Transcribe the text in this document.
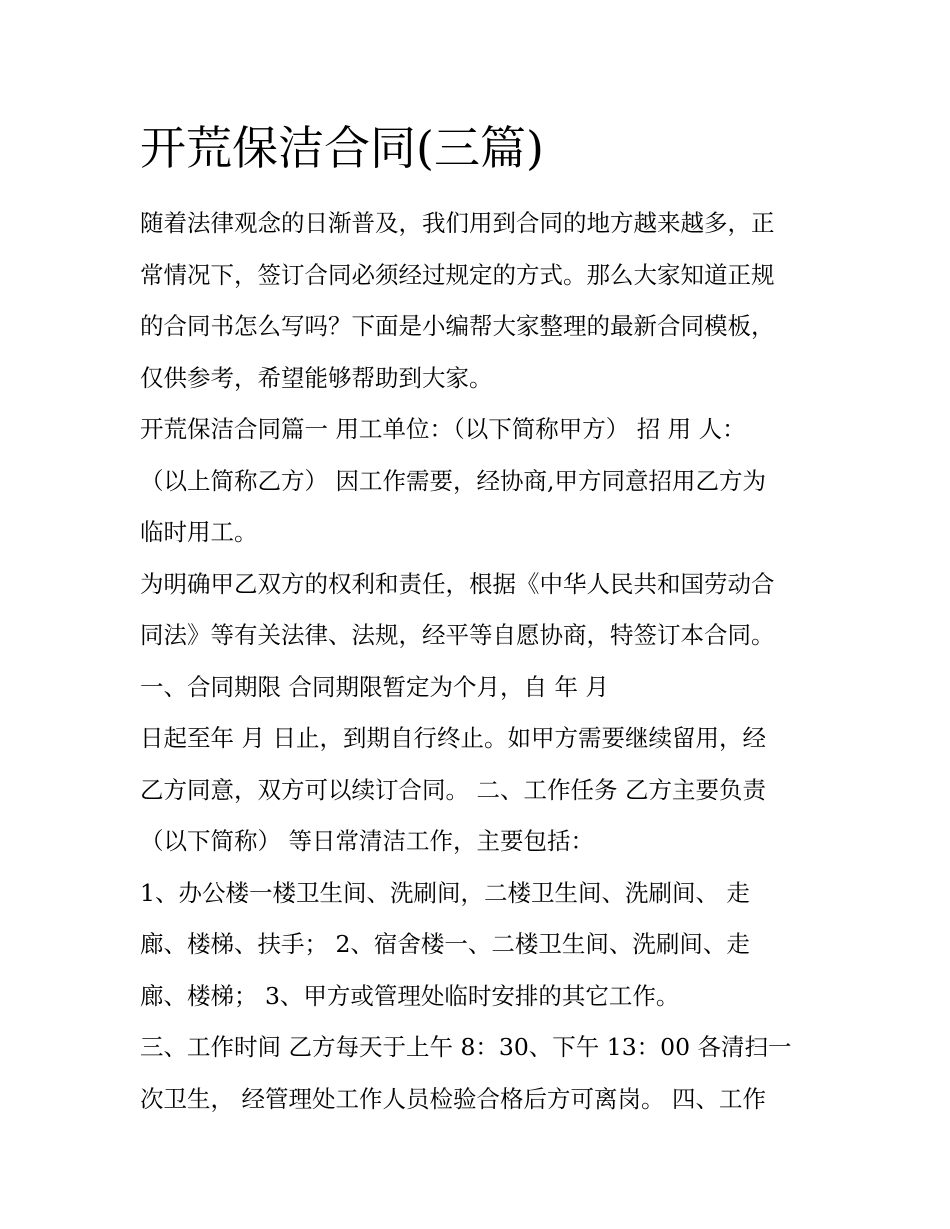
开荒保洁合同(三篇)
随着法律观念的日渐普及，我们用到合同的地方越来越多，正
常情况下，签订合同必须经过规定的方式。那么大家知道正规
的合同书怎么写吗？下面是小编帮大家整理的最新合同模板，
仅供参考，希望能够帮助到大家。
开荒保洁合同篇一 用工单位：（以下简称甲方） 招 用 人：
（以上简称乙方） 因工作需要，经协商,甲方同意招用乙方为
临时用工。
为明确甲乙双方的权利和责任，根据《中华人民共和国劳动合
同法》等有关法律、法规，经平等自愿协商，特签订本合同。
一、合同期限 合同期限暂定为个月，自 年 月
日起至年 月 日止，到期自行终止。如甲方需要继续留用，经
乙方同意，双方可以续订合同。 二、工作任务 乙方主要负责
（以下简称） 等日常清洁工作，主要包括：
1、办公楼一楼卫生间、洗刷间，二楼卫生间、洗刷间、 走
廊、楼梯、扶手； 2、宿舍楼一、二楼卫生间、洗刷间、走
廊、楼梯； 3、甲方或管理处临时安排的其它工作。
三、工作时间 乙方每天于上午 8：30、下午 13：00 各清扫一
次卫生， 经管理处工作人员检验合格后方可离岗。 四、工作
